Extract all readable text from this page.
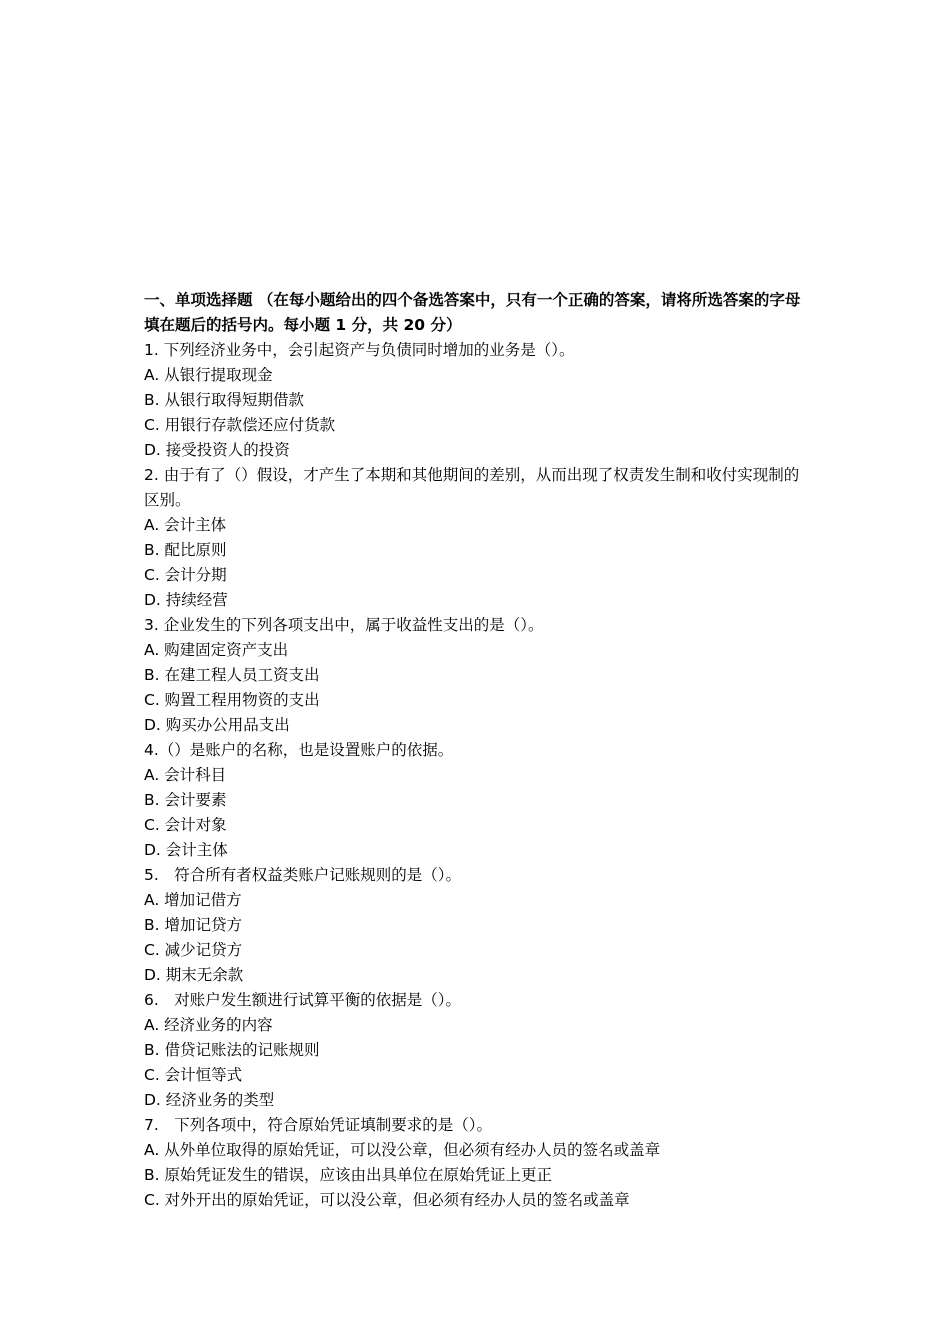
一、单项选择题 （在每小题给出的四个备选答案中，只有一个正确的答案，请将所选答案的字母填在题后的括号内。每小题 1 分，共 20 分）

1. 下列经济业务中，会引起资产与负债同时增加的业务是（）。

A. 从银行提取现金

B. 从银行取得短期借款

C. 用银行存款偿还应付货款

D. 接受投资人的投资

2. 由于有了（）假设，才产生了本期和其他期间的差别，从而出现了权责发生制和收付实现制的区别。

A. 会计主体

B. 配比原则

C. 会计分期

D. 持续经营

3. 企业发生的下列各项支出中，属于收益性支出的是（）。

A. 购建固定资产支出

B. 在建工程人员工资支出

C. 购置工程用物资的支出

D. 购买办公用品支出

4.（）是账户的名称，也是设置账户的依据。

A. 会计科目

B. 会计要素

C. 会计对象

D. 会计主体

5.　符合所有者权益类账户记账规则的是（）。

A. 增加记借方

B. 增加记贷方

C. 减少记贷方

D. 期末无余款

6.　对账户发生额进行试算平衡的依据是（）。

A. 经济业务的内容

B. 借贷记账法的记账规则

C. 会计恒等式

D. 经济业务的类型

7.　下列各项中，符合原始凭证填制要求的是（）。

A. 从外单位取得的原始凭证，可以没公章，但必须有经办人员的签名或盖章

B. 原始凭证发生的错误，应该由出具单位在原始凭证上更正

C. 对外开出的原始凭证，可以没公章，但必须有经办人员的签名或盖章
